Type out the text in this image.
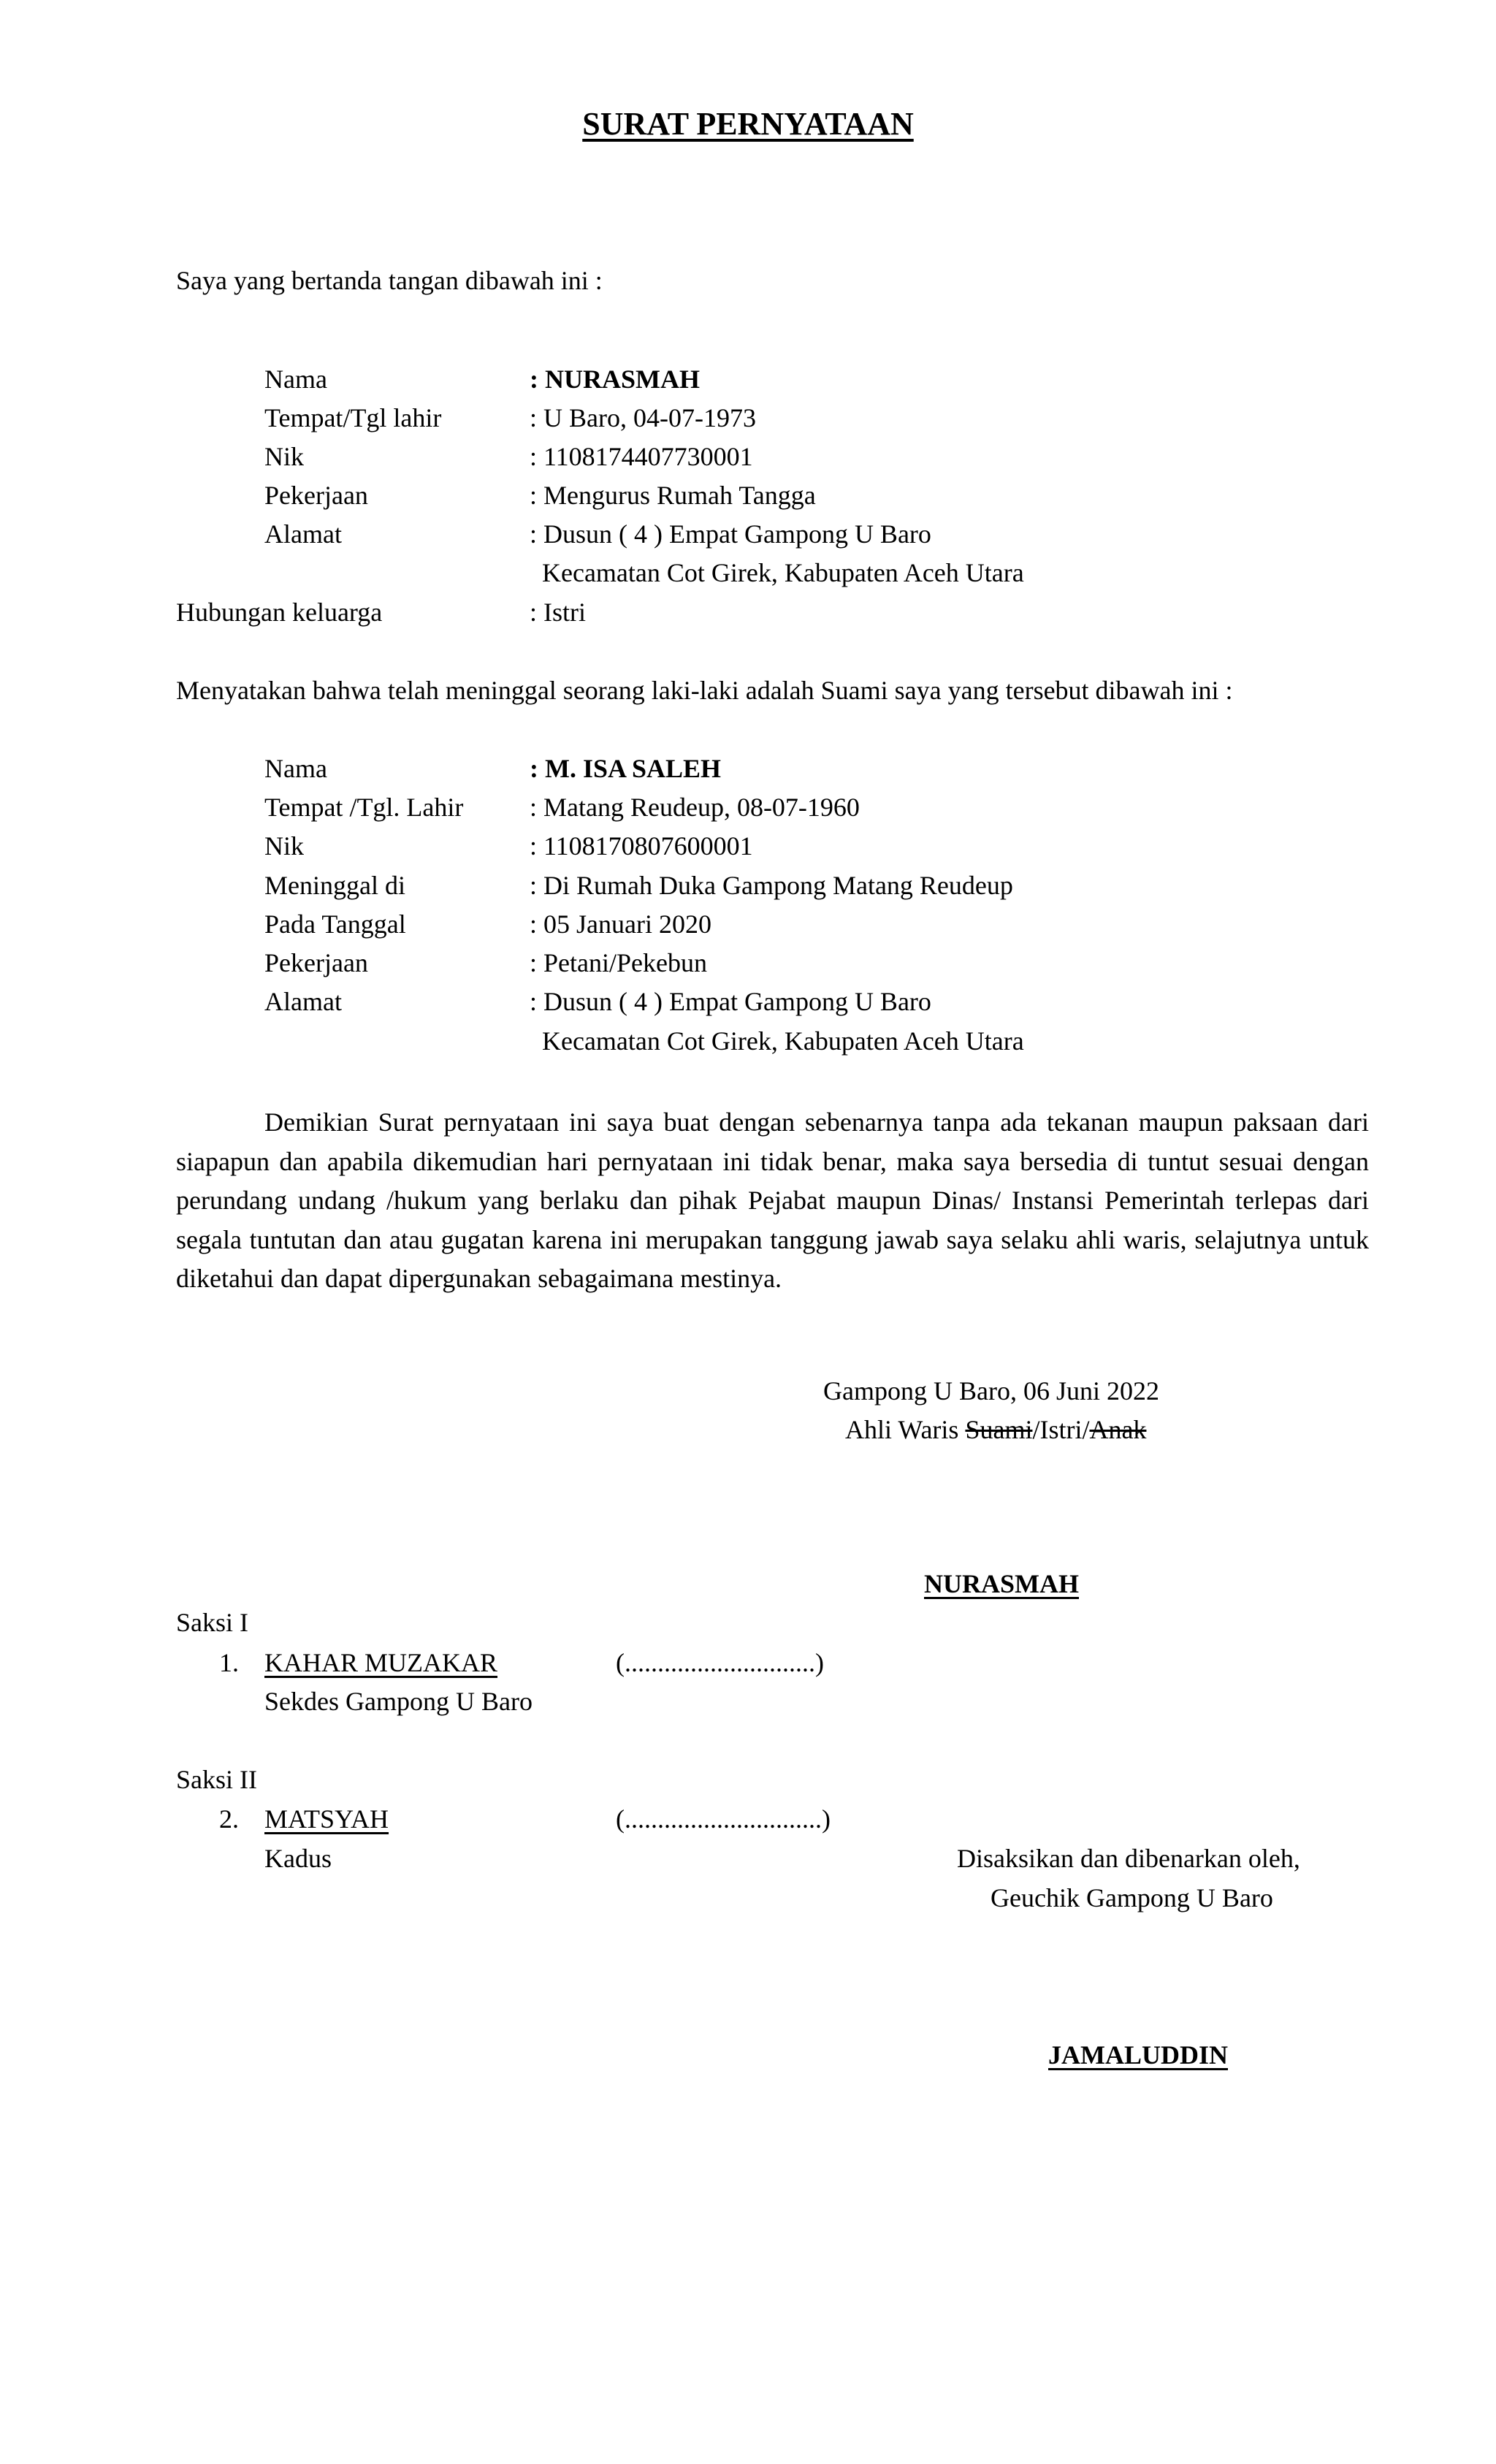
SURAT PERNYATAAN
Saya yang bertanda tangan dibawah ini :
Nama	: NURASMAH
Tempat/Tgl lahir	: U Baro, 04-07-1973
Nik	: 1108174407730001
Pekerjaan	: Mengurus Rumah Tangga
Alamat	: Dusun ( 4 ) Empat Gampong U Baro
Kecamatan Cot Girek, Kabupaten Aceh Utara
Hubungan keluarga	: Istri
Menyatakan bahwa telah meninggal seorang laki-laki adalah Suami saya yang tersebut dibawah ini :
Nama	: M. ISA SALEH
Tempat /Tgl. Lahir	: Matang Reudeup, 08-07-1960
Nik	: 1108170807600001
Meninggal di	: Di Rumah Duka Gampong Matang Reudeup
Pada Tanggal	: 05 Januari 2020
Pekerjaan	: Petani/Pekebun
Alamat	: Dusun ( 4 ) Empat Gampong U Baro
Kecamatan Cot Girek, Kabupaten Aceh Utara

Demikian Surat pernyataan ini saya buat dengan sebenarnya tanpa ada tekanan maupun paksaan dari siapapun dan apabila dikemudian hari pernyataan ini tidak benar, maka saya bersedia di tuntut sesuai dengan perundang undang /hukum yang berlaku dan pihak Pejabat maupun Dinas/ Instansi Pemerintah terlepas dari segala tuntutan dan atau gugatan karena ini merupakan tanggung jawab saya selaku ahli waris, selajutnya untuk diketahui dan dapat dipergunakan sebagaimana mestinya.

Gampong U Baro, 06 Juni 2022
Ahli Waris Suami/Istri/Anak
NURASMAH
Saksi I
1. KAHAR MUZAKAR	(.............................)
Sekdes Gampong U Baro
Saksi II
2. MATSYAH	(..............................)
Kadus	Disaksikan dan dibenarkan oleh,
Geuchik Gampong U Baro
JAMALUDDIN
